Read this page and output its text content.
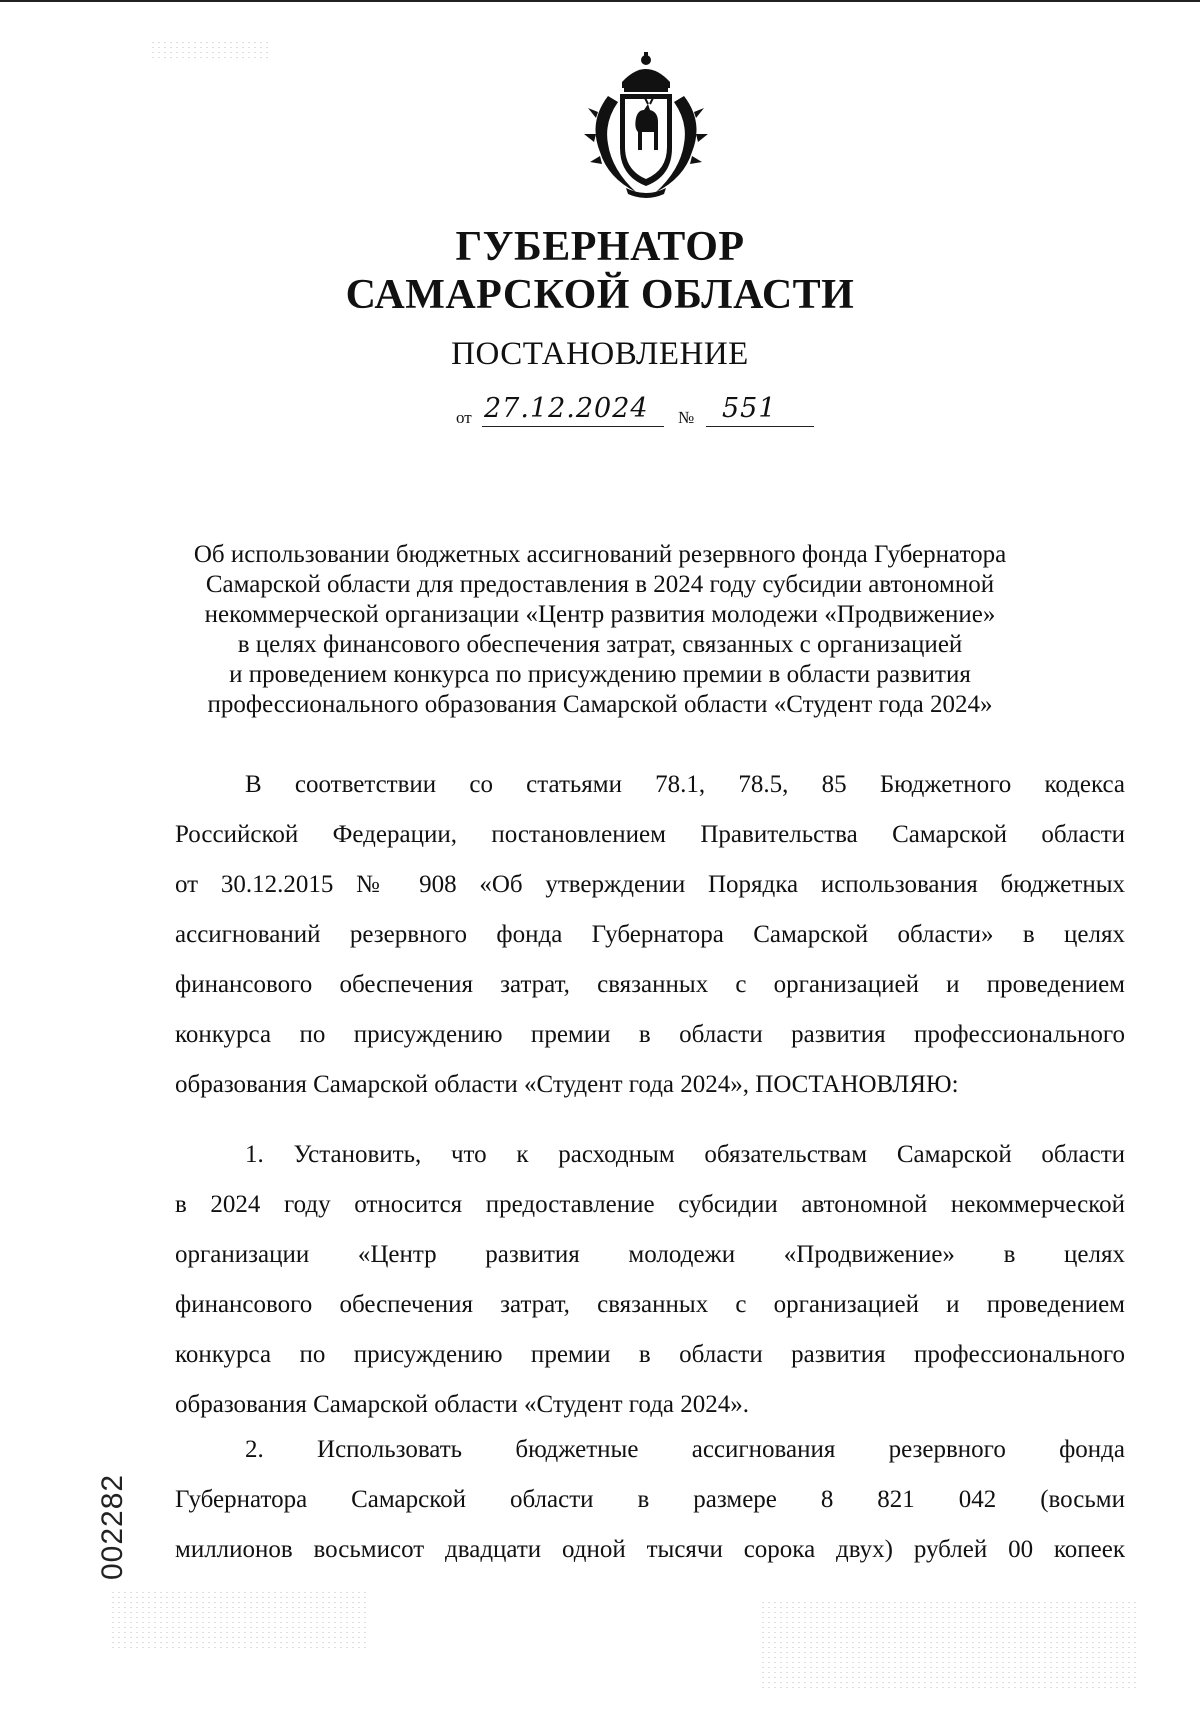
ГУБЕРНАТОР
САМАРСКОЙ ОБЛАСТИ
ПОСТАНОВЛЕНИЕ
от 27.12.2024	№	551
Об использовании бюджетных ассигнований резервного фонда Губернатора
Самарской области для предоставления в 2024 году субсидии автономной
некоммерческой организации «Центр развития молодежи «Продвижение»
в целях финансового обеспечения затрат, связанных с организацией
и проведением конкурса по присуждению премии в области развития
профессионального образования Самарской области «Студент года 2024»
В соответствии со статьями 78.1, 78.5, 85 Бюджетного кодекса
Российской Федерации, постановлением Правительства Самарской области
от 30.12.2015 № 908 «Об утверждении Порядка использования бюджетных
ассигнований резервного фонда Губернатора Самарской области» в целях
финансового обеспечения затрат, связанных с организацией и проведением
конкурса по присуждению премии в области развития профессионального
образования Самарской области «Студент года 2024», ПОСТАНОВЛЯЮ:
1. Установить, что к расходным обязательствам Самарской области
в 2024 году относится предоставление субсидии автономной некоммерческой
организации «Центр развития молодежи «Продвижение» в целях
финансового обеспечения затрат, связанных с организацией и проведением
конкурса по присуждению премии в области развития профессионального
образования Самарской области «Студент года 2024».
2. Использовать бюджетные ассигнования резервного фонда
Губернатора Самарской области в размере 8 821 042 (восьми
миллионов восьмисот двадцати одной тысячи сорока двух) рублей 00 копеек
002282
